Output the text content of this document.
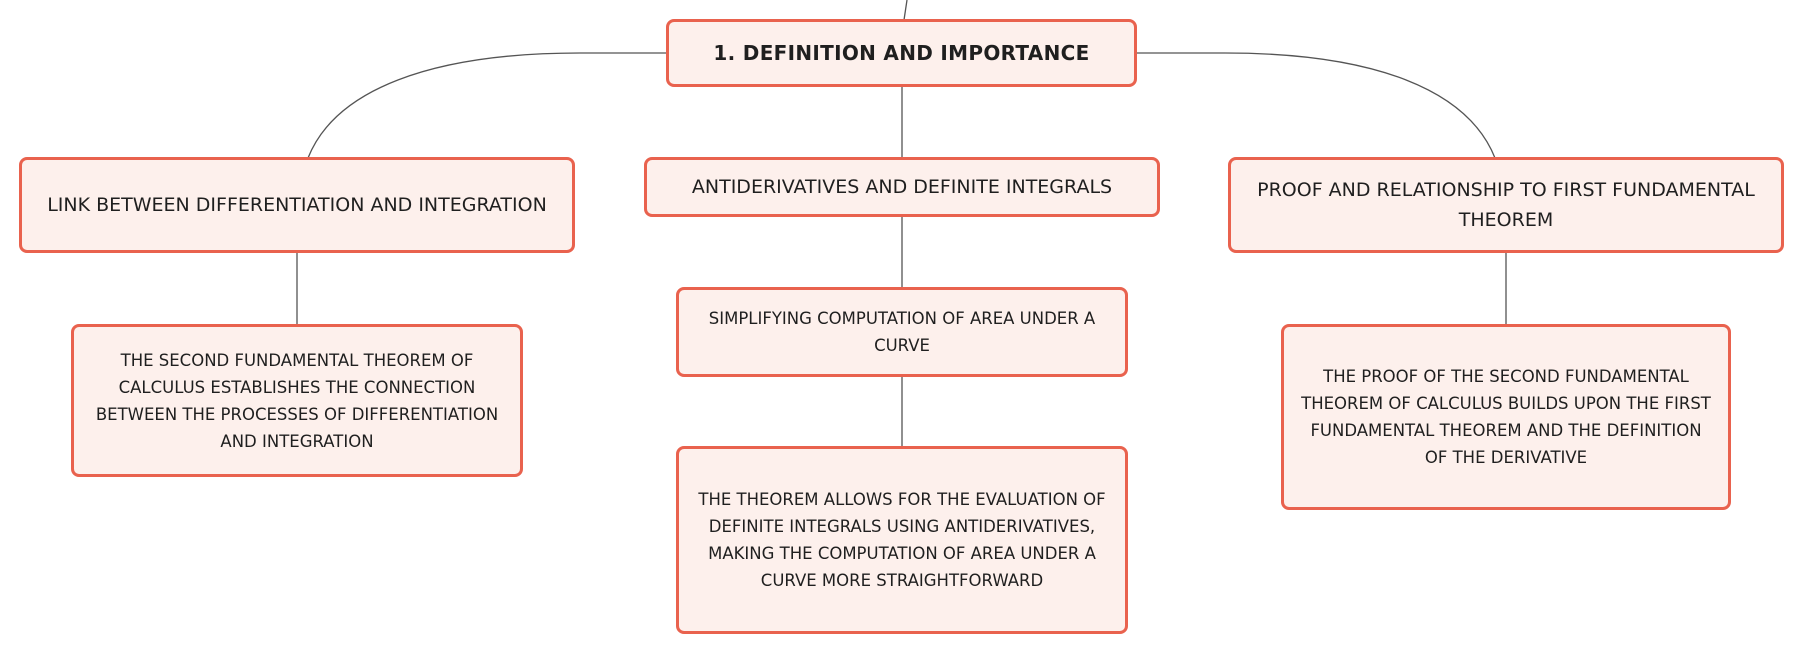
1. DEFINITION AND IMPORTANCE
LINK BETWEEN DIFFERENTIATION AND INTEGRATION
ANTIDERIVATIVES AND DEFINITE INTEGRALS	PROOF AND RELATIONSHIP TO FIRST FUNDAMENTAL THEOREM
THE SECOND FUNDAMENTAL THEOREM OF CALCULUS ESTABLISHES THE CONNECTION BETWEEN THE PROCESSES OF DIFFERENTIATION AND INTEGRATION
SIMPLIFYING COMPUTATION OF AREA UNDER A CURVE
THE THEOREM ALLOWS FOR THE EVALUATION OF DEFINITE INTEGRALS USING ANTIDERIVATIVES, MAKING THE COMPUTATION OF AREA UNDER A CURVE MORE STRAIGHTFORWARD
THE PROOF OF THE SECOND FUNDAMENTAL THEOREM OF CALCULUS BUILDS UPON THE FIRST FUNDAMENTAL THEOREM AND THE DEFINITION OF THE DERIVATIVE
